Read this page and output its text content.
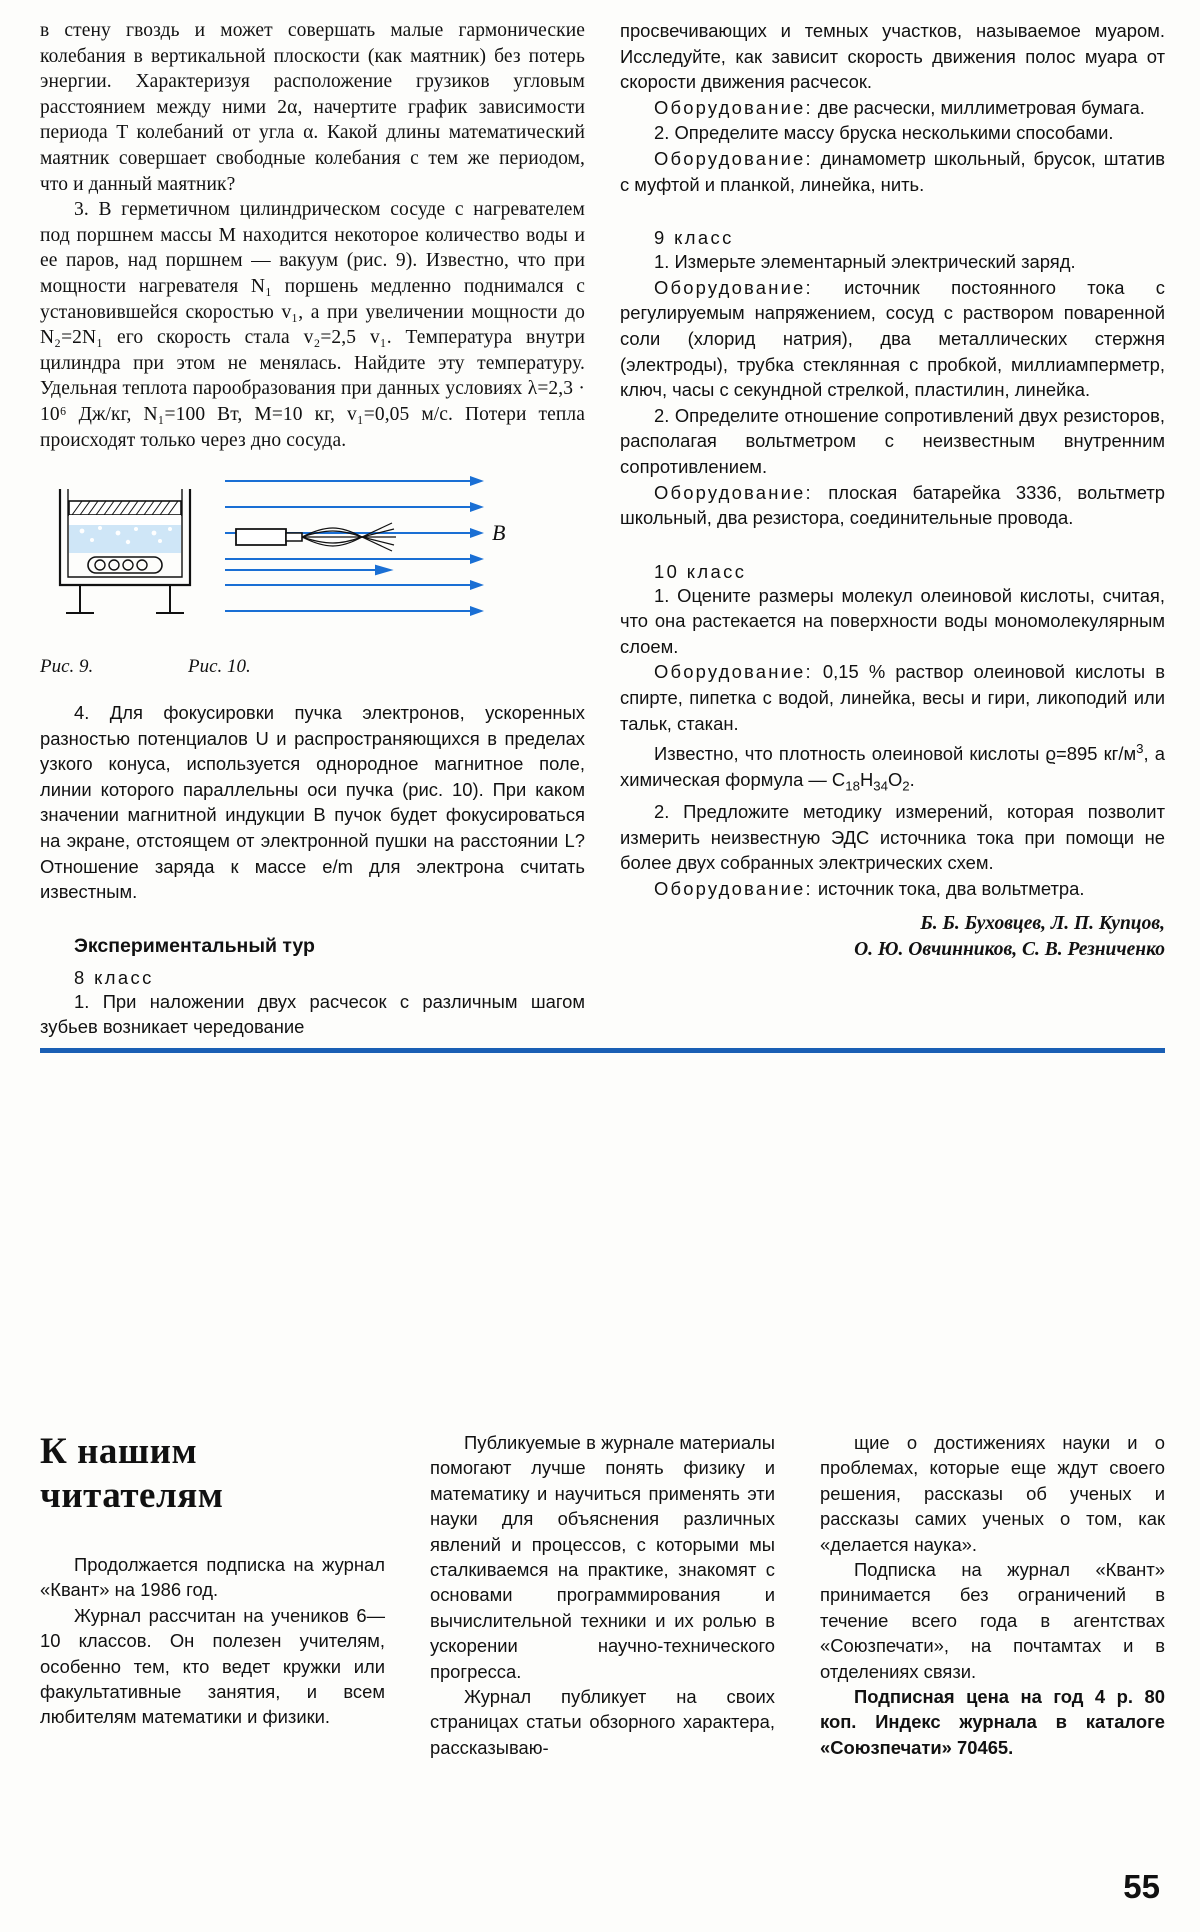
в стену гвоздь и может совершать малые гармонические колебания в вертикальной плоскости (как маятник) без потерь энергии. Характеризуя расположение грузиков угловым расстоянием между ними 2α, начертите график зависимости периода T колебаний от угла α. Какой длины математический маятник совершает свободные колебания с тем же периодом, что и данный маятник?

3. В герметичном цилиндрическом сосуде с нагревателем под поршнем массы M находится некоторое количество воды и ее паров, над поршнем — вакуум (рис. 9). Известно, что при мощности нагревателя N₁ поршень медленно поднимался с установившейся скоростью v₁, а при увеличении мощности до N₂=2N₁ его скорость стала v₂=2,5 v₁. Температура внутри цилиндра при этом не менялась. Найдите эту температуру. Удельная теплота парообразования при данных условиях λ=2,3 · 10⁶ Дж/кг, N₁=100 Вт, M=10 кг, v₁=0,05 м/с. Потери тепла происходят только через дно сосуда.

B
Рис. 9.	Рис. 10.

4. Для фокусировки пучка электронов, ускоренных разностью потенциалов U и распространяющихся в пределах узкого конуса, используется однородное магнитное поле, линии которого параллельны оси пучка (рис. 10). При каком значении магнитной индукции B пучок будет фокусироваться на экране, отстоящем от электронной пушки на расстоянии L? Отношение заряда к массе e/m для электрона считать известным.

Экспериментальный тур

8 класс

1. При наложении двух расчесок с различным шагом зубьев возникает чередование

просвечивающих и темных участков, называемое муаром. Исследуйте, как зависит скорость движения полос муара от скорости движения расчесок.

Оборудование: две расчески, миллиметровая бумага.

2. Определите массу бруска несколькими способами.

Оборудование: динамометр школьный, брусок, штатив с муфтой и планкой, линейка, нить.

9 класс

1. Измерьте элементарный электрический заряд.

Оборудование: источник постоянного тока с регулируемым напряжением, сосуд с раствором поваренной соли (хлорид натрия), два металлических стержня (электроды), трубка стеклянная с пробкой, миллиамперметр, ключ, часы с секундной стрелкой, пластилин, линейка.

2. Определите отношение сопротивлений двух резисторов, располагая вольтметром с неизвестным внутренним сопротивлением.

Оборудование: плоская батарейка 3336, вольтметр школьный, два резистора, соединительные провода.

10 класс

1. Оцените размеры молекул олеиновой кислоты, считая, что она растекается на поверхности воды мономолекулярным слоем.

Оборудование: 0,15 % раствор олеиновой кислоты в спирте, пипетка с водой, линейка, весы и гири, ликоподий или тальк, стакан.

Известно, что плотность олеиновой кислоты ϱ=895 $кг/м^3$, а химическая формула — $C_{18}H_{34}O_2$.

2. Предложите методику измерений, которая позволит измерить неизвестную ЭДС источника тока при помощи не более двух собранных электрических схем.

Оборудование: источник тока, два вольтметра.

Б. Б. Буховцев, Л. П. Купцов,

О. Ю. Овчинников, С. В. Резниченко

К нашим
читателям

Продолжается подписка на журнал «Квант» на 1986 год.

Журнал рассчитан на учеников 6—10 классов. Он полезен учителям, особенно тем, кто ведет кружки или факультативные занятия, и всем любителям математики и физики.

Публикуемые в журнале материалы помогают лучше понять физику и математику и научиться применять эти науки для объяснения различных явлений и процессов, с которыми мы сталкиваемся на практике, знакомят с основами программирования и вычислительной техники и их ролью в ускорении научно-технического прогресса.

Журнал публикует на своих страницах статьи обзорного характера, рассказываю-

щие о достижениях науки и о проблемах, которые еще ждут своего решения, рассказы об ученых и рассказы самих ученых о том, как «делается наука».

Подписка на журнал «Квант» принимается без ограничений в течение всего года в агентствах «Союзпечати», на почтамтах и в отделениях связи.

Подписная цена на год 4 р. 80 коп. Индекс журнала в каталоге «Союзпечати» 70465.

55
